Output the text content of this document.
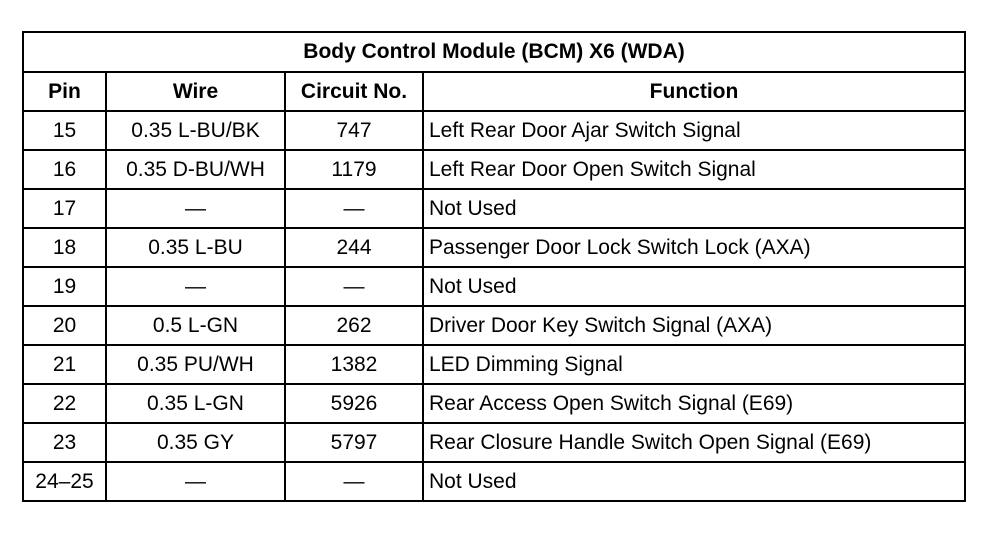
Body Control Module (BCM) X6 (WDA)			
Pin	Wire	Circuit No.	Function
15	0.35 L-BU/BK	747	Left Rear Door Ajar Switch Signal
16	0.35 D-BU/WH	1179	Left Rear Door Open Switch Signal
17	—	—	Not Used
18	0.35 L-BU	244	Passenger Door Lock Switch Lock (AXA)
19	—	—	Not Used
20	0.5 L-GN	262	Driver Door Key Switch Signal (AXA)
21	0.35 PU/WH	1382	LED Dimming Signal
22	0.35 L-GN	5926	Rear Access Open Switch Signal (E69)
23	0.35 GY	5797	Rear Closure Handle Switch Open Signal (E69)
24–25	—	—	Not Used
